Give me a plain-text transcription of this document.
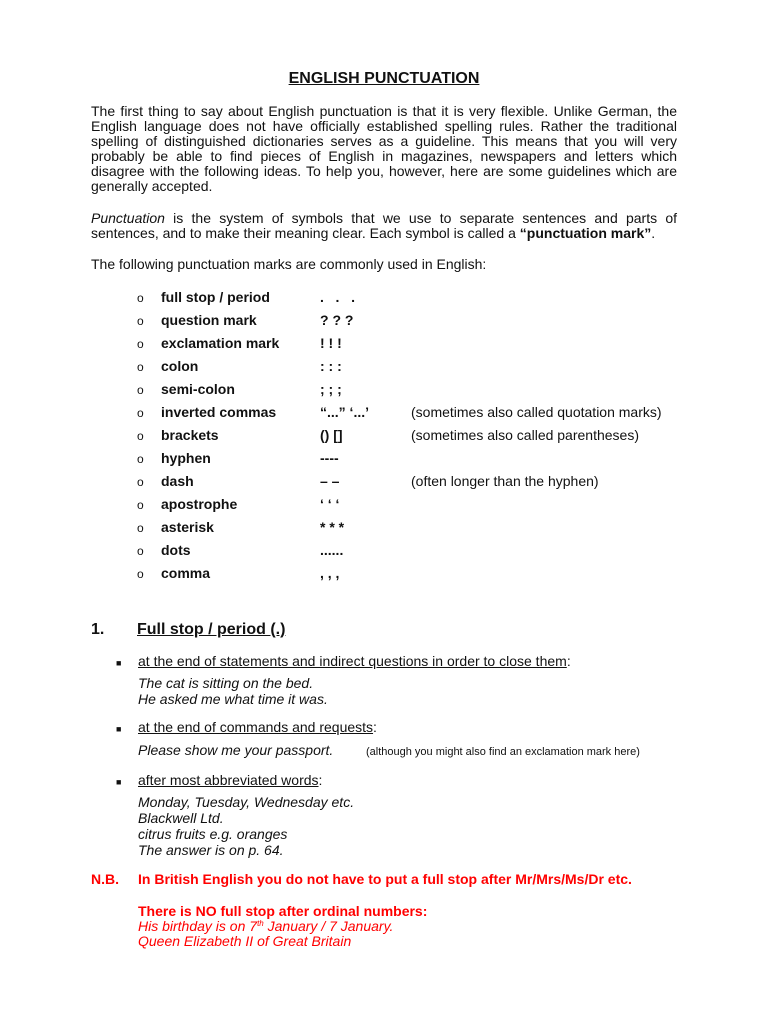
ENGLISH PUNCTUATION
The first thing to say about English punctuation is that it is very flexible. Unlike German, the English language does not have officially established spelling rules. Rather the traditional spelling of distinguished dictionaries serves as a guideline. This means that you will very probably be able to find pieces of English in magazines, newspapers and letters which disagree with the following ideas. To help you, however, here are some guidelines which are generally accepted.
Punctuation is the system of symbols that we use to separate sentences and parts of sentences, and to make their meaning clear. Each symbol is called a “punctuation mark”.
The following punctuation marks are commonly used in English:
o full stop / period	.   .   .
o question mark	? ? ?
o exclamation mark	! ! !
o colon	: : :
o semi-colon	; ; ;
o inverted commas	“...” ‘...’	(sometimes also called quotation marks)
o brackets	() []	(sometimes also called parentheses)
o hyphen	----
o dash	– –	(often longer than the hyphen)
o apostrophe	‘ ‘ ‘
o asterisk	* * *
o dots	......
o comma	, , ,
1. Full stop / period (.)
■ at the end of statements and indirect questions in order to close them:
The cat is sitting on the bed.
He asked me what time it was.
■ at the end of commands and requests:
Please show me your passport.	(although you might also find an exclamation mark here)
■ after most abbreviated words:
Monday, Tuesday, Wednesday etc.
Blackwell Ltd.
citrus fruits e.g. oranges
The answer is on p. 64.
N.B. In British English you do not have to put a full stop after Mr/Mrs/Ms/Dr etc.
There is NO full stop after ordinal numbers:
His birthday is on 7th January / 7 January.
Queen Elizabeth II of Great Britain
